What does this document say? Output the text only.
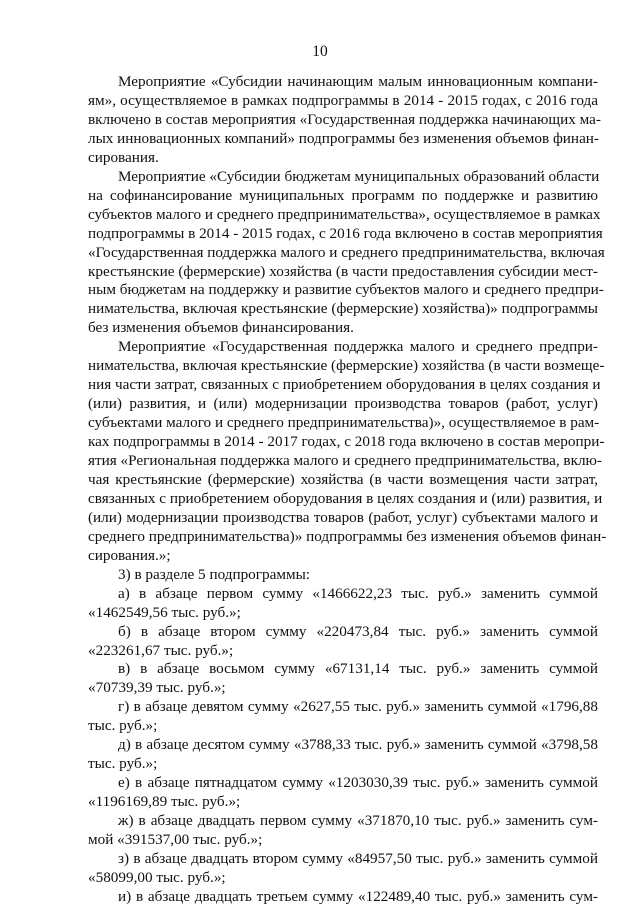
10
Мероприятие «Субсидии начинающим малым инновационным компани-
ям», осуществляемое в рамках подпрограммы в 2014 - 2015 годах, с 2016 года
включено в состав мероприятия «Государственная поддержка начинающих ма-
лых инновационных компаний» подпрограммы без изменения объемов финан-
сирования.
Мероприятие «Субсидии бюджетам муниципальных образований области
на софинансирование муниципальных программ по поддержке и развитию
субъектов малого и среднего предпринимательства», осуществляемое в рамках
подпрограммы в 2014 - 2015 годах, с 2016 года включено в состав мероприятия
«Государственная поддержка малого и среднего предпринимательства, включая
крестьянские (фермерские) хозяйства (в части предоставления субсидии мест-
ным бюджетам на поддержку и развитие субъектов малого и среднего предпри-
нимательства, включая крестьянские (фермерские) хозяйства)» подпрограммы
без изменения объемов финансирования.
Мероприятие «Государственная поддержка малого и среднего предпри-
нимательства, включая крестьянские (фермерские) хозяйства (в части возмеще-
ния части затрат, связанных с приобретением оборудования в целях создания и
(или) развития, и (или) модернизации производства товаров (работ, услуг)
субъектами малого и среднего предпринимательства)», осуществляемое в рам-
ках подпрограммы в 2014 - 2017 годах, с 2018 года включено в состав меропри-
ятия «Региональная поддержка малого и среднего предпринимательства, вклю-
чая крестьянские (фермерские) хозяйства (в части возмещения части затрат,
связанных с приобретением оборудования в целях создания и (или) развития, и
(или) модернизации производства товаров (работ, услуг) субъектами малого и
среднего предпринимательства)» подпрограммы без изменения объемов финан-
сирования.»;
3) в разделе 5 подпрограммы:
а) в абзаце первом сумму «1466622,23 тыс. руб.» заменить суммой
«1462549,56 тыс. руб.»;
б) в абзаце втором сумму «220473,84 тыс. руб.» заменить суммой
«223261,67 тыс. руб.»;
в) в абзаце восьмом сумму «67131,14 тыс. руб.» заменить суммой
«70739,39 тыс. руб.»;
г) в абзаце девятом сумму «2627,55 тыс. руб.» заменить суммой «1796,88
тыс. руб.»;
д) в абзаце десятом сумму «3788,33 тыс. руб.» заменить суммой «3798,58
тыс. руб.»;
е) в абзаце пятнадцатом сумму «1203030,39 тыс. руб.» заменить суммой
«1196169,89 тыс. руб.»;
ж) в абзаце двадцать первом сумму «371870,10 тыс. руб.» заменить сум-
мой «391537,00 тыс. руб.»;
з) в абзаце двадцать втором сумму «84957,50 тыс. руб.» заменить суммой
«58099,00 тыс. руб.»;
и) в абзаце двадцать третьем сумму «122489,40 тыс. руб.» заменить сум-
